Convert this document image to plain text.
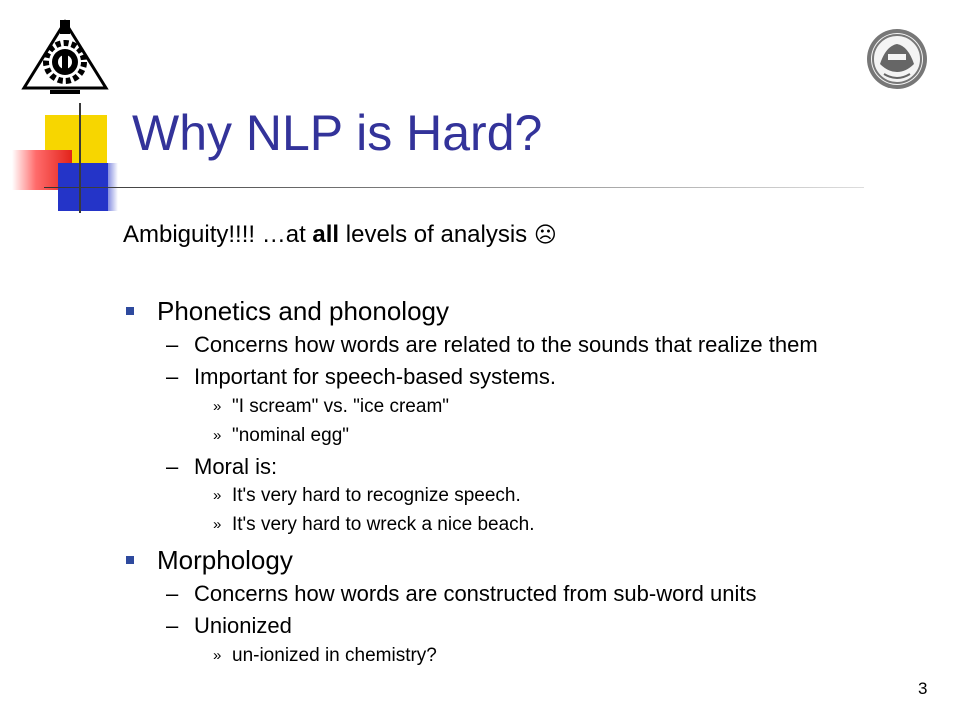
Why NLP is Hard?
Ambiguity!!!! …at all levels of analysis ☹
Phonetics and phonology
– Concerns how words are related to the sounds that realize them
– Important for speech-based systems.
» "I scream" vs. "ice cream"
» "nominal egg"
– Moral is:
» It's very hard to recognize speech.
» It's very hard to wreck a nice beach.
Morphology
– Concerns how words are constructed from sub-word units
– Unionized
» un-ionized in chemistry?
3
